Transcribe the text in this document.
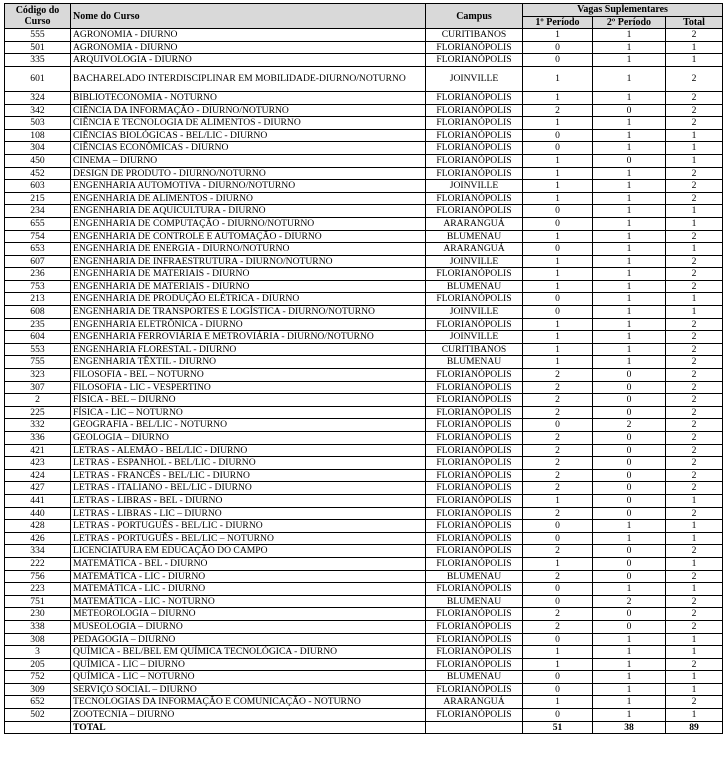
Código do Curso	Nome do Curso	Campus	Vagas Suplementares		
			1º Período	2º Período	Total
555	AGRONOMIA - DIURNO	CURITIBANOS	1	1	2
501	AGRONOMIA - DIURNO	FLORIANÓPOLIS	0	1	1
335	ARQUIVOLOGIA - DIURNO	FLORIANÓPOLIS	0	1	1
601	BACHARELADO INTERDISCIPLINAR EM MOBILIDADE-DIURNO/NOTURNO	JOINVILLE	1	1	2
324	BIBLIOTECONOMIA - NOTURNO	FLORIANÓPOLIS	1	1	2
342	CIÊNCIA DA INFORMAÇÃO - DIURNO/NOTURNO	FLORIANÓPOLIS	2	0	2
503	CIÊNCIA E TECNOLOGIA DE ALIMENTOS - DIURNO	FLORIANÓPOLIS	1	1	2
108	CIÊNCIAS BIOLÓGICAS - BEL/LIC - DIURNO	FLORIANÓPOLIS	0	1	1
304	CIÊNCIAS ECONÔMICAS - DIURNO	FLORIANÓPOLIS	0	1	1
450	CINEMA – DIURNO	FLORIANÓPOLIS	1	0	1
452	DESIGN DE PRODUTO - DIURNO/NOTURNO	FLORIANÓPOLIS	1	1	2
603	ENGENHARIA AUTOMOTIVA - DIURNO/NOTURNO	JOINVILLE	1	1	2
215	ENGENHARIA DE ALIMENTOS - DIURNO	FLORIANÓPOLIS	1	1	2
234	ENGENHARIA DE AQUICULTURA - DIURNO	FLORIANÓPOLIS	0	1	1
655	ENGENHARIA DE COMPUTAÇÃO - DIURNO/NOTURNO	ARARANGUÁ	0	1	1
754	ENGENHARIA DE CONTROLE E AUTOMAÇÃO - DIURNO	BLUMENAU	1	1	2
653	ENGENHARIA DE ENERGIA - DIURNO/NOTURNO	ARARANGUÁ	0	1	1
607	ENGENHARIA DE INFRAESTRUTURA - DIURNO/NOTURNO	JOINVILLE	1	1	2
236	ENGENHARIA DE MATERIAIS - DIURNO	FLORIANÓPOLIS	1	1	2
753	ENGENHARIA DE MATERIAIS - DIURNO	BLUMENAU	1	1	2
213	ENGENHARIA DE PRODUÇÃO ELÉTRICA - DIURNO	FLORIANÓPOLIS	0	1	1
608	ENGENHARIA DE TRANSPORTES E LOGÍSTICA - DIURNO/NOTURNO	JOINVILLE	0	1	1
235	ENGENHARIA ELETRÔNICA - DIURNO	FLORIANÓPOLIS	1	1	2
604	ENGENHARIA FERROVIÁRIA E METROVIÁRIA - DIURNO/NOTURNO	JOINVILLE	1	1	2
553	ENGENHARIA FLORESTAL - DIURNO	CURITIBANOS	1	1	2
755	ENGENHARIA TÊXTIL - DIURNO	BLUMENAU	1	1	2
323	FILOSOFIA - BEL – NOTURNO	FLORIANÓPOLIS	2	0	2
307	FILOSOFIA - LIC - VESPERTINO	FLORIANÓPOLIS	2	0	2
2	FÍSICA - BEL – DIURNO	FLORIANÓPOLIS	2	0	2
225	FÍSICA - LIC – NOTURNO	FLORIANÓPOLIS	2	0	2
332	GEOGRAFIA - BEL/LIC - NOTURNO	FLORIANÓPOLIS	0	2	2
336	GEOLOGIA – DIURNO	FLORIANÓPOLIS	2	0	2
421	LETRAS - ALEMÃO - BEL/LIC - DIURNO	FLORIANÓPOLIS	2	0	2
423	LETRAS - ESPANHOL - BEL/LIC - DIURNO	FLORIANÓPOLIS	2	0	2
424	LETRAS - FRANCÊS - BEL/LIC - DIURNO	FLORIANÓPOLIS	2	0	2
427	LETRAS - ITALIANO - BEL/LIC - DIURNO	FLORIANÓPOLIS	2	0	2
441	LETRAS - LIBRAS - BEL - DIURNO	FLORIANÓPOLIS	1	0	1
440	LETRAS - LIBRAS - LIC – DIURNO	FLORIANÓPOLIS	2	0	2
428	LETRAS - PORTUGUÊS - BEL/LIC - DIURNO	FLORIANÓPOLIS	0	1	1
426	LETRAS - PORTUGUÊS - BEL/LIC – NOTURNO	FLORIANÓPOLIS	0	1	1
334	LICENCIATURA EM EDUCAÇÃO DO CAMPO	FLORIANÓPOLIS	2	0	2
222	MATEMÁTICA - BEL - DIURNO	FLORIANÓPOLIS	1	0	1
756	MATEMÁTICA - LIC - DIURNO	BLUMENAU	2	0	2
223	MATEMÁTICA - LIC - DIURNO	FLORIANÓPOLIS	0	1	1
751	MATEMÁTICA - LIC - NOTURNO	BLUMENAU	0	2	2
230	METEOROLOGIA – DIURNO	FLORIANÓPOLIS	2	0	2
338	MUSEOLOGIA – DIURNO	FLORIANÓPOLIS	2	0	2
308	PEDAGOGIA – DIURNO	FLORIANÓPOLIS	0	1	1
3	QUÍMICA - BEL/BEL EM QUÍMICA TECNOLÓGICA - DIURNO	FLORIANÓPOLIS	1	1	1
205	QUÍMICA - LIC – DIURNO	FLORIANÓPOLIS	1	1	2
752	QUÍMICA - LIC – NOTURNO	BLUMENAU	0	1	1
309	SERVIÇO SOCIAL – DIURNO	FLORIANÓPOLIS	0	1	1
652	TECNOLOGIAS DA INFORMAÇÃO E COMUNICAÇÃO - NOTURNO	ARARANGUÁ	1	1	2
502	ZOOTECNIA – DIURNO	FLORIANÓPOLIS	0	1	1
	TOTAL		51	38	89
